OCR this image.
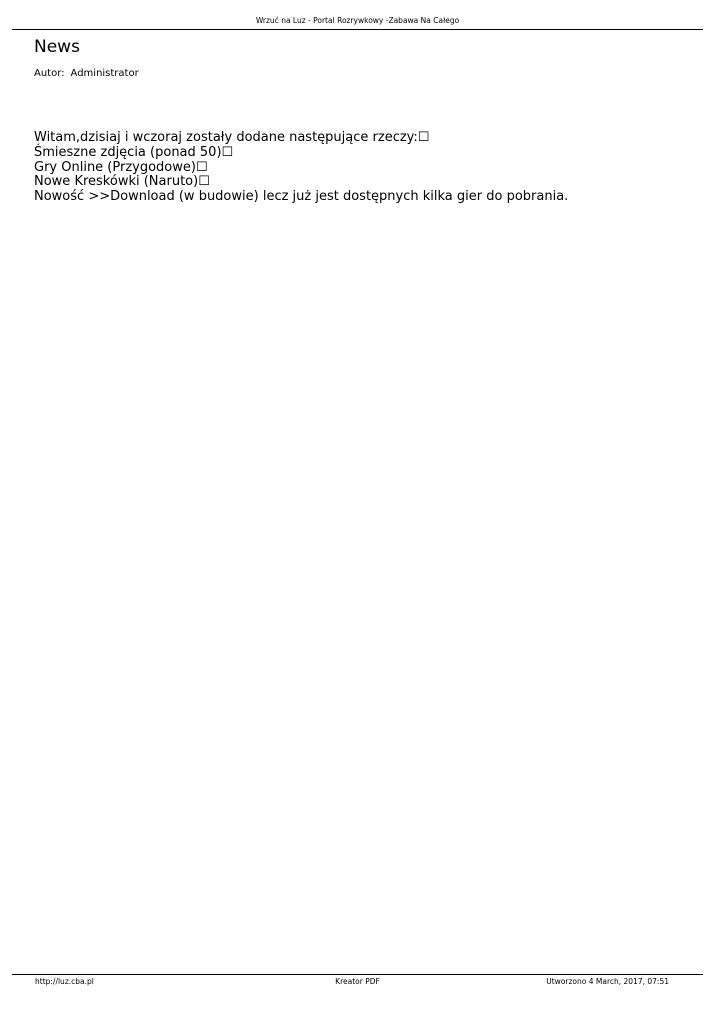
Wrzuć na Luz - Portal Rozrywkowy -Zabawa Na Całego
News
Autor: Administrator
Witam,dzisiaj i wczoraj zostały dodane następujące rzeczy:☐
Śmieszne zdjęcia (ponad 50)☐
Gry Online (Przygodowe)☐
Nowe Kreskówki (Naruto)☐
Nowość >>Download (w budowie) lecz już jest dostępnych kilka gier do pobrania.
http://luz.cba.pl	Kreator PDF	Utworzono 4 March, 2017, 07:51
